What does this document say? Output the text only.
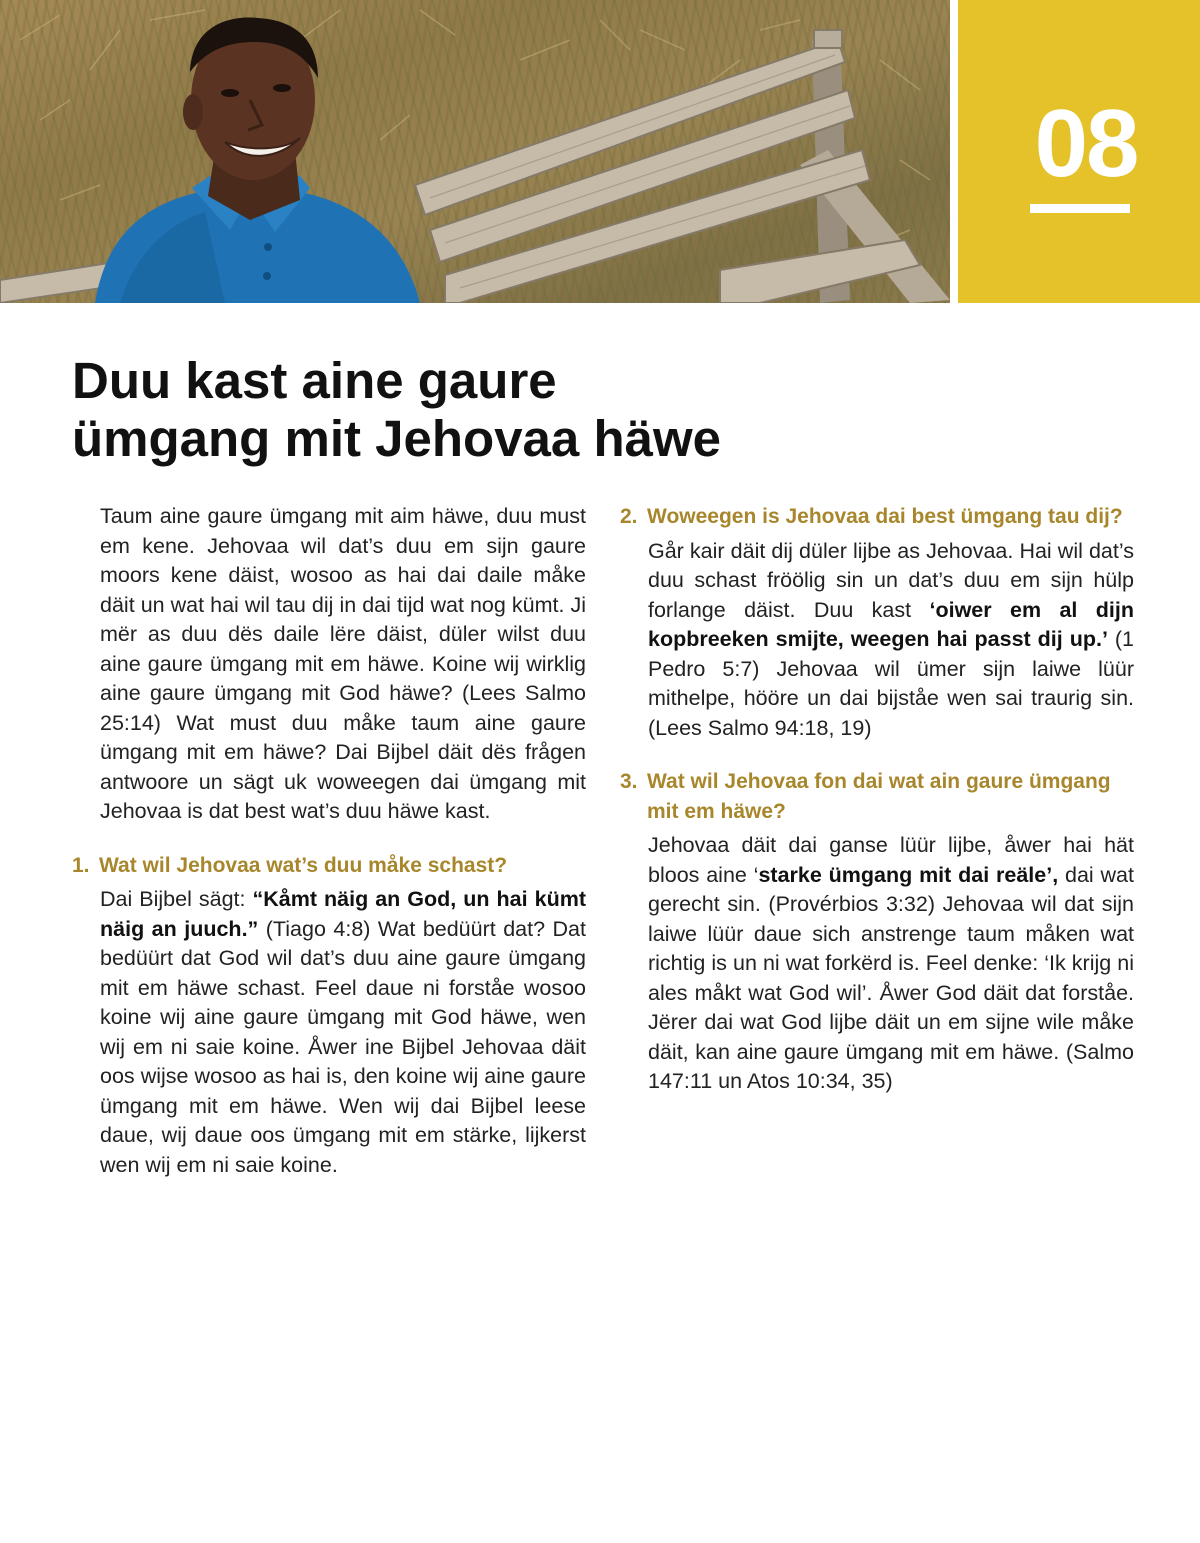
08
Duu kast aine gaure
ümgang mit Jehovaa häwe

Taum aine gaure ümgang mit aim häwe, duu must em kene. Jehovaa wil dat’s duu em sijn gaure moors kene däist, wosoo as hai dai daile måke däit un wat hai wil tau dij in dai tijd wat nog kümt. Ji mër as duu dës daile lëre däist, düler wilst duu aine gaure ümgang mit em häwe. Koine wij wirklig aine gaure ümgang mit God häwe? (Lees Salmo 25:14) Wat must duu måke taum aine gaure ümgang mit em häwe? Dai Bijbel däit dës frågen antwoore un sägt uk woweegen dai ümgang mit Jehovaa is dat best wat’s duu häwe kast.

1. Wat wil Jehovaa wat’s duu måke schast?

Dai Bijbel sägt: “Kåmt näig an God, un hai kümt näig an juuch.” (Tiago 4:8) Wat bedüürt dat? Dat bedüürt dat God wil dat’s duu aine gaure ümgang mit em häwe schast. Feel daue ni forståe wosoo koine wij aine gaure ümgang mit God häwe, wen wij em ni saie koine. Åwer ine Bijbel Jehovaa däit oos wijse wosoo as hai is, den koine wij aine gaure ümgang mit em häwe. Wen wij dai Bijbel leese daue, wij daue oos ümgang mit em stärke, lijkerst wen wij em ni saie koine.

2. Woweegen is Jehovaa dai best ümgang tau dij?

Går kair däit dij düler lijbe as Jehovaa. Hai wil dat’s duu schast fröölig sin un dat’s duu em sijn hülp forlange däist. Duu kast ‘oiwer em al dijn kopbreeken smijte, weegen hai passt dij up.’ (1 Pedro 5:7) Jehovaa wil ümer sijn laiwe lüür mithelpe, hööre un dai bijståe wen sai traurig sin. (Lees Salmo 94:18, 19)

3. Wat wil Jehovaa fon dai wat ain gaure ümgang mit em häwe?

Jehovaa däit dai ganse lüür lijbe, åwer hai hät bloos aine ‘starke ümgang mit dai reäle’, dai wat gerecht sin. (Provérbios 3:32) Jehovaa wil dat sijn laiwe lüür daue sich anstrenge taum måken wat richtig is un ni wat forkërd is. Feel denke: ‘Ik krijg ni ales måkt wat God wil’. Åwer God däit dat forståe. Jërer dai wat God lijbe däit un em sijne wile måke däit, kan aine gaure ümgang mit em häwe. (Salmo 147:11 un Atos 10:34, 35)
